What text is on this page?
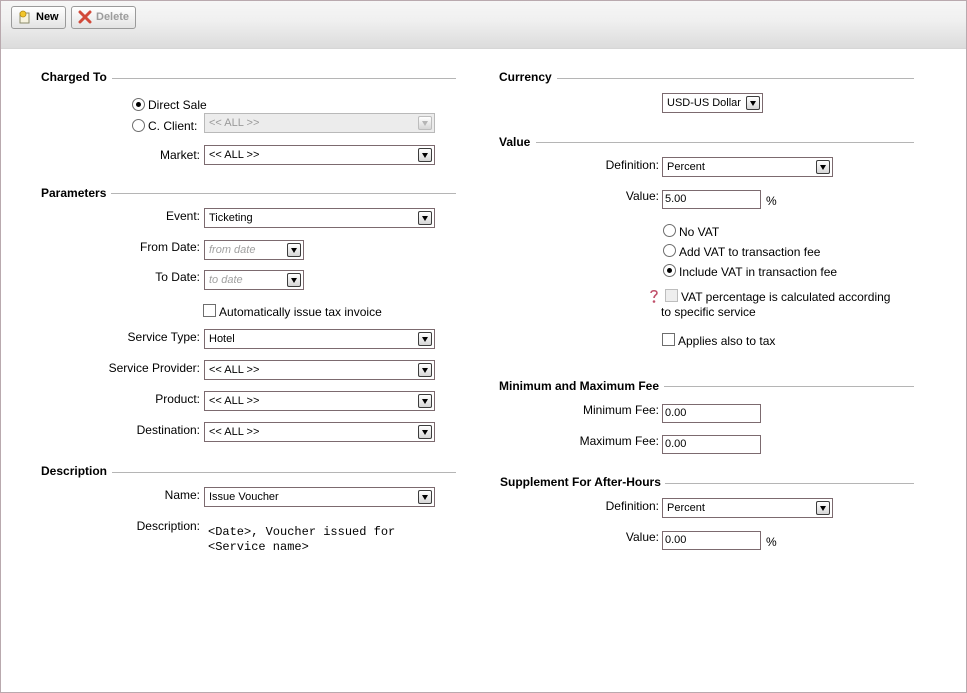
New	Delete
Charged To
Direct Sale
C. Client:	<< ALL >>
Market: << ALL >>
Parameters
Event: Ticketing
From Date: from date
To Date: to date
Automatically issue tax invoice
Service Type: Hotel
Service Provider: << ALL >>
Product: << ALL >>
Destination: << ALL >>
Description
Name: Issue Voucher
Description: <Date>, Voucher issued for
<Service name>
Currency
USD-US Dollar
Value
Definition: Percent
Value: 5.00	%
No VAT
Add VAT to transaction fee
Include VAT in transaction fee
VAT percentage is calculated according
to specific service
Applies also to tax
Minimum and Maximum Fee
Minimum Fee: 0.00
Maximum Fee: 0.00
Supplement For After-Hours
Definition: Percent
Value: 0.00	%
